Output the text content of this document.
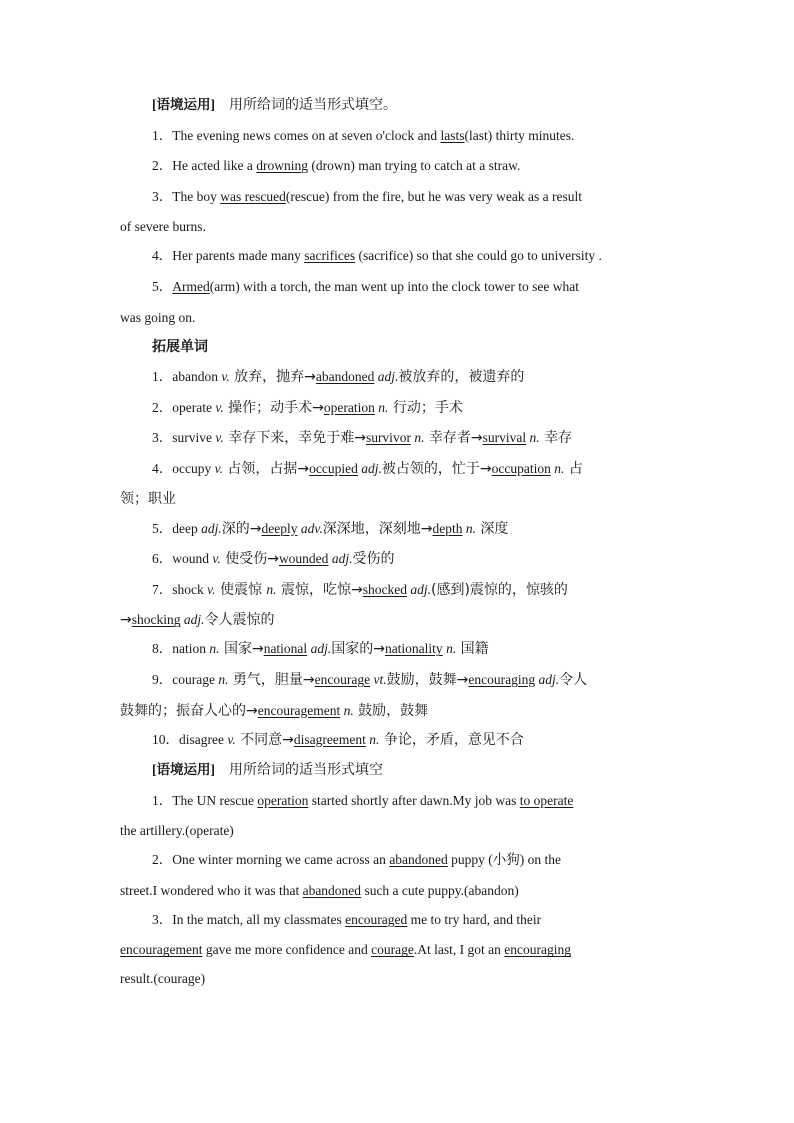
[语境运用] 用所给词的适当形式填空。
1．The evening news comes on at seven o'clock and lasts(last) thirty minutes.
2．He acted like a drowning (drown) man trying to catch at a straw.
3．The boy was rescued(rescue) from the fire, but he was very weak as a result
of severe burns.
4．Her parents made many sacrifices (sacrifice) so that she could go to university .
5．Armed(arm) with a torch, the man went up into the clock tower to see what
was going on.
拓展单词
1．abandon v. 放弃，抛弃→abandoned adj.被放弃的，被遗弃的
2．operate v. 操作；动手术→operation n. 行动；手术
3．survive v. 幸存下来，幸免于难→survivor n. 幸存者→survival n. 幸存
4．occupy v. 占领，占据→occupied adj.被占领的，忙于→occupation n. 占
领；职业
5．deep adj.深的→deeply adv.深深地，深刻地→depth n. 深度
6．wound v. 使受伤→wounded adj.受伤的
7．shock v. 使震惊 n. 震惊，吃惊→shocked adj.(感到)震惊的，惊骇的
→shocking adj.令人震惊的
8．nation n. 国家→national adj.国家的→nationality n. 国籍
9．courage n. 勇气，胆量→encourage vt.鼓励，鼓舞→encouraging adj.令人
鼓舞的；振奋人心的→encouragement n. 鼓励，鼓舞
10．disagree v. 不同意→disagreement n. 争论，矛盾，意见不合
[语境运用] 用所给词的适当形式填空
1．The UN rescue operation started shortly after dawn.My job was to operate
the artillery.(operate)
2．One winter morning we came across an abandoned puppy (小狗) on the
street.I wondered who it was that abandoned such a cute puppy.(abandon)
3．In the match, all my classmates encouraged me to try hard, and their
encouragement gave me more confidence and courage.At last, I got an encouraging
result.(courage)
